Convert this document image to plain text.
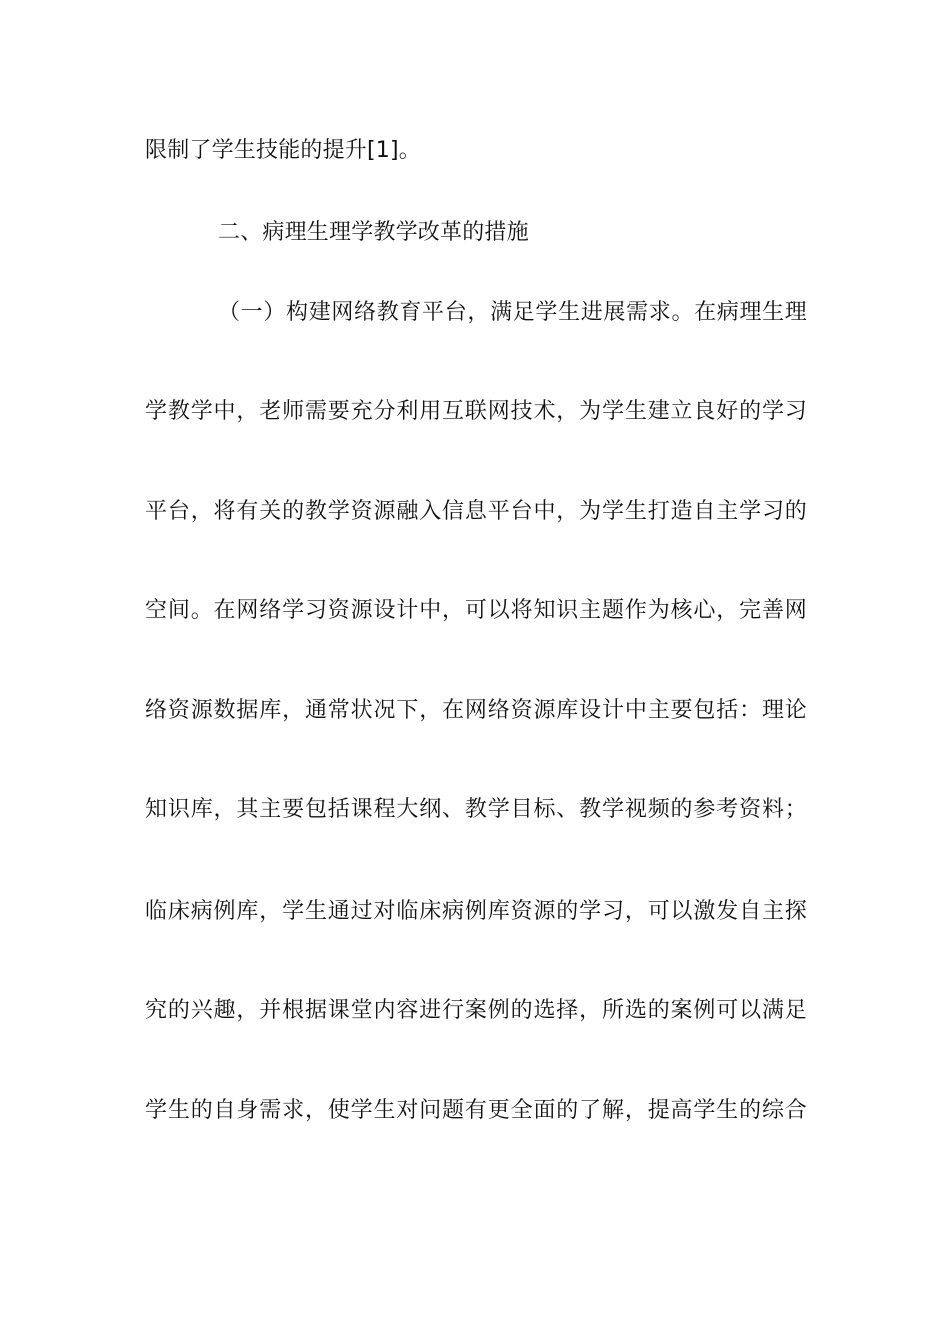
限制了学生技能的提升[1]。
二、病理生理学教学改革的措施
（一）构建网络教育平台，满足学生进展需求。在病理生理
学教学中，老师需要充分利用互联网技术，为学生建立良好的学习
平台，将有关的教学资源融入信息平台中，为学生打造自主学习的
空间。在网络学习资源设计中，可以将知识主题作为核心，完善网
络资源数据库，通常状况下，在网络资源库设计中主要包括：理论
知识库，其主要包括课程大纲、教学目标、教学视频的参考资料；
临床病例库，学生通过对临床病例库资源的学习，可以激发自主探
究的兴趣，并根据课堂内容进行案例的选择，所选的案例可以满足
学生的自身需求，使学生对问题有更全面的了解，提高学生的综合
